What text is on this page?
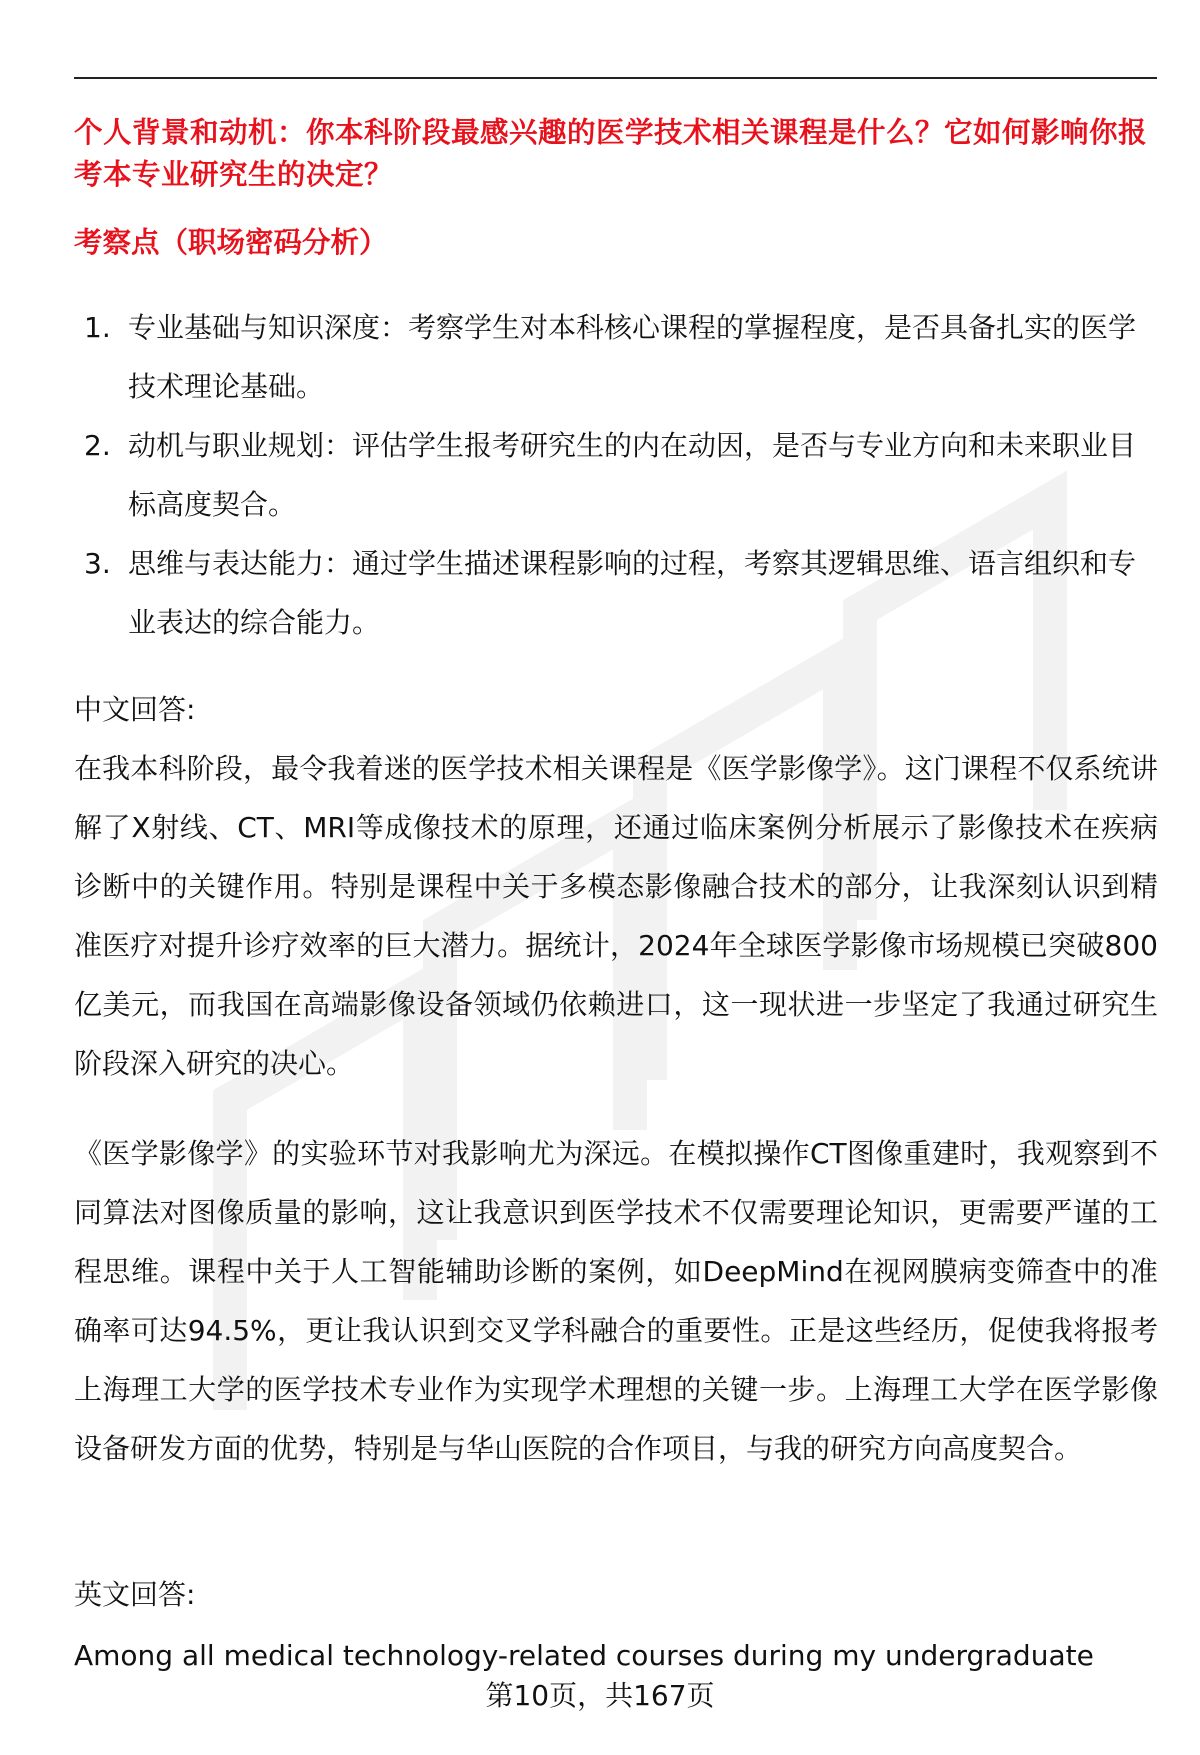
个人背景和动机：你本科阶段最感兴趣的医学技术相关课程是什么？它如何影响你报考本专业研究生的决定？
考察点（职场密码分析）
1. 专业基础与知识深度：考察学生对本科核心课程的掌握程度，是否具备扎实的医学技术理论基础。
2. 动机与职业规划：评估学生报考研究生的内在动因，是否与专业方向和未来职业目标高度契合。
3. 思维与表达能力：通过学生描述课程影响的过程，考察其逻辑思维、语言组织和专业表达的综合能力。
中文回答:

在我本科阶段，最令我着迷的医学技术相关课程是《医学影像学》。这门课程不仅系统讲解了X射线、CT、MRI等成像技术的原理，还通过临床案例分析展示了影像技术在疾病诊断中的关键作用。特别是课程中关于多模态影像融合技术的部分，让我深刻认识到精准医疗对提升诊疗效率的巨大潜力。据统计，2024年全球医学影像市场规模已突破800亿美元，而我国在高端影像设备领域仍依赖进口，这一现状进一步坚定了我通过研究生阶段深入研究的决心。

《医学影像学》的实验环节对我影响尤为深远。在模拟操作CT图像重建时，我观察到不同算法对图像质量的影响，这让我意识到医学技术不仅需要理论知识，更需要严谨的工程思维。课程中关于人工智能辅助诊断的案例，如DeepMind在视网膜病变筛查中的准确率可达94.5%，更让我认识到交叉学科融合的重要性。正是这些经历，促使我将报考上海理工大学的医学技术专业作为实现学术理想的关键一步。上海理工大学在医学影像设备研发方面的优势，特别是与华山医院的合作项目，与我的研究方向高度契合。

英文回答:
Among all medical technology-related courses during my undergraduate
第10页，共167页
